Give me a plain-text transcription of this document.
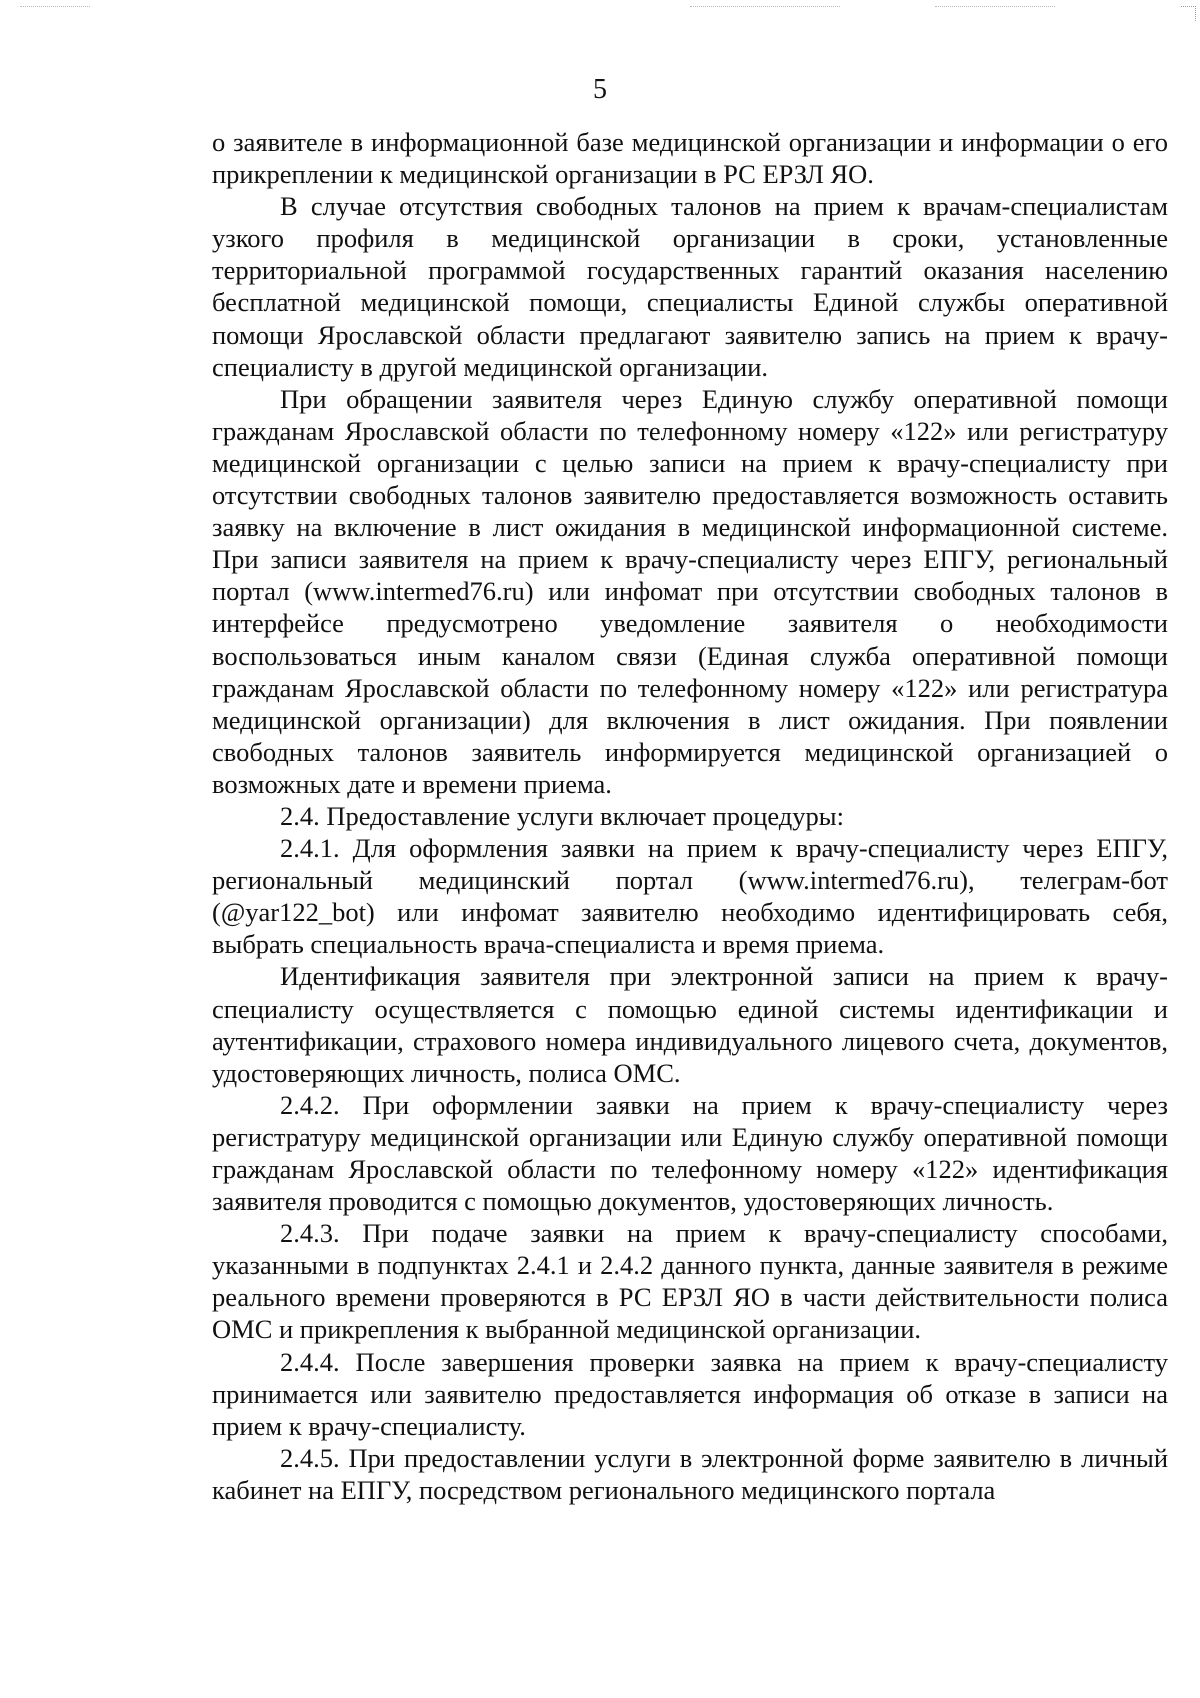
5

о заявителе в информационной базе медицинской организации и информации о его прикреплении к медицинской организации в РС ЕРЗЛ ЯО.

В случае отсутствия свободных талонов на прием к врачам-специалистам узкого профиля в медицинской организации в сроки, установленные территориальной программой государственных гарантий оказания населению бесплатной медицинской помощи, специалисты Единой службы оперативной помощи Ярославской области предлагают заявителю запись на прием к врачу-специалисту в другой медицинской организации.

При обращении заявителя через Единую службу оперативной помощи гражданам Ярославской области по телефонному номеру «122» или регистратуру медицинской организации с целью записи на прием к врачу-специалисту при отсутствии свободных талонов заявителю предоставляется возможность оставить заявку на включение в лист ожидания в медицинской информационной системе. При записи заявителя на прием к врачу-специалисту через ЕПГУ, региональный портал (www.intermed76.ru) или инфомат при отсутствии свободных талонов в интерфейсе предусмотрено уведомление заявителя о необходимости воспользоваться иным каналом связи (Единая служба оперативной помощи гражданам Ярославской области по телефонному номеру «122» или регистратура медицинской организации) для включения в лист ожидания. При появлении свободных талонов заявитель информируется медицинской организацией о возможных дате и времени приема.

2.4. Предоставление услуги включает процедуры:

2.4.1. Для оформления заявки на прием к врачу-специалисту через ЕПГУ, региональный медицинский портал (www.intermed76.ru), телеграм-бот (@yar122_bot) или инфомат заявителю необходимо идентифицировать себя, выбрать специальность врача-специалиста и время приема.

Идентификация заявителя при электронной записи на прием к врачу-специалисту осуществляется с помощью единой системы идентификации и аутентификации, страхового номера индивидуального лицевого счета, документов, удостоверяющих личность, полиса ОМС.

2.4.2. При оформлении заявки на прием к врачу-специалисту через регистратуру медицинской организации или Единую службу оперативной помощи гражданам Ярославской области по телефонному номеру «122» идентификация заявителя проводится с помощью документов, удостоверяющих личность.

2.4.3. При подаче заявки на прием к врачу-специалисту способами, указанными в подпунктах 2.4.1 и 2.4.2 данного пункта, данные заявителя в режиме реального времени проверяются в РС ЕРЗЛ ЯО в части действительности полиса ОМС и прикрепления к выбранной медицинской организации.

2.4.4. После завершения проверки заявка на прием к врачу-специалисту принимается или заявителю предоставляется информация об отказе в записи на прием к врачу-специалисту.

2.4.5. При предоставлении услуги в электронной форме заявителю в личный кабинет на ЕПГУ, посредством регионального медицинского портала
